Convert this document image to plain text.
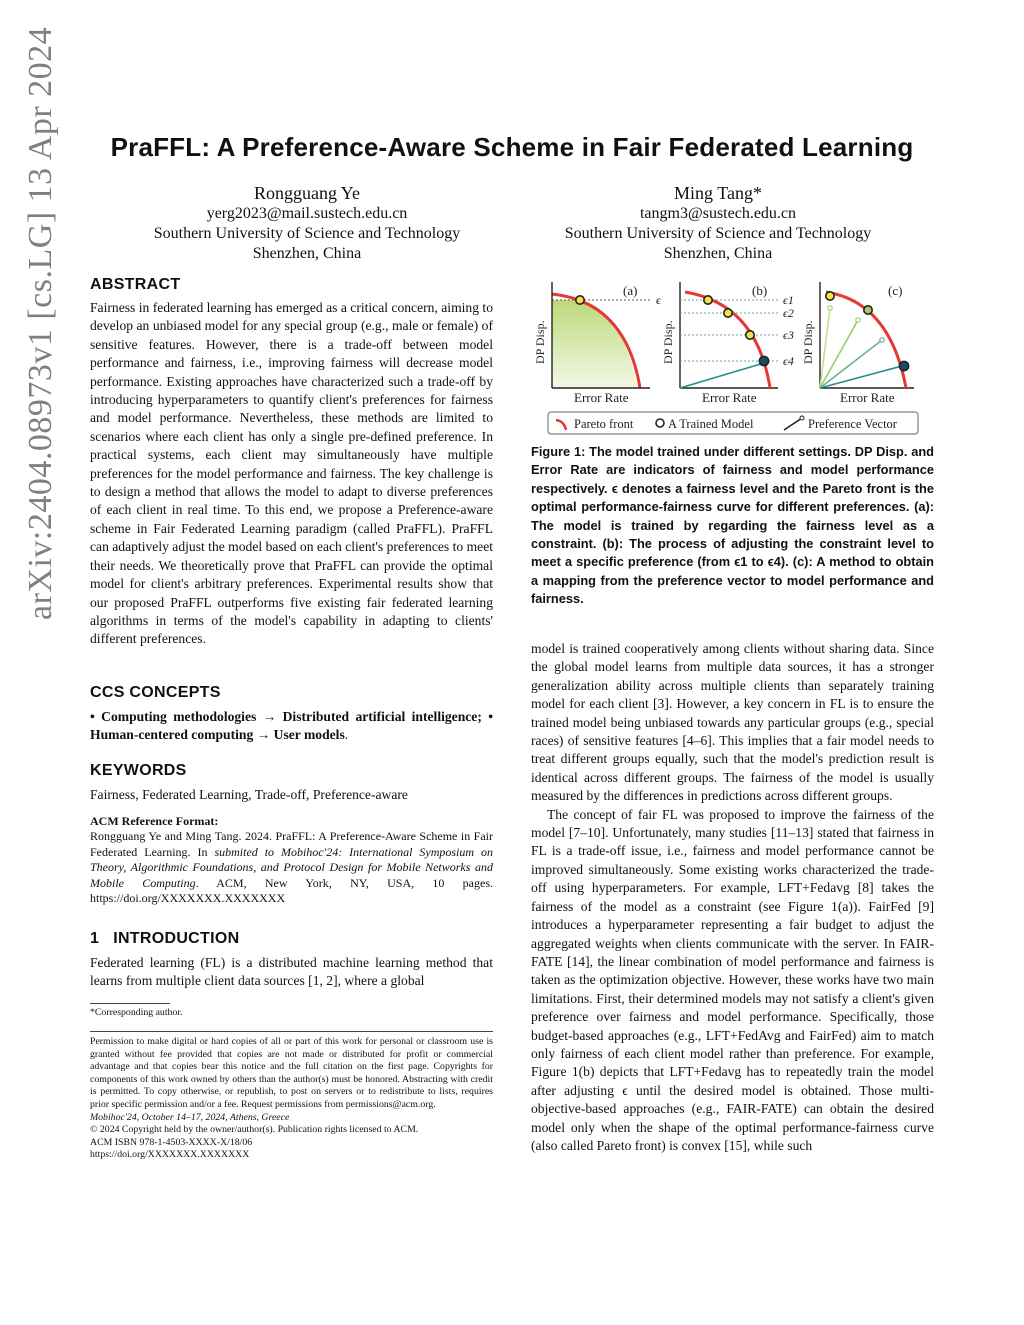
arXiv:2404.08973v1 [cs.LG] 13 Apr 2024	PraFFL: A Preference-Aware Scheme in Fair Federated Learning
Rongguang Ye
yerg2023@mail.sustech.edu.cn
Southern University of Science and Technology
Shenzhen, China
Ming Tang*
tangm3@sustech.edu.cn
Southern University of Science and Technology
Shenzhen, China
ABSTRACT
Fairness in federated learning has emerged as a critical concern, aiming to develop an unbiased model for any special group (e.g., male or female) of sensitive features. However, there is a trade-off between model performance and fairness, i.e., improving fairness will decrease model performance. Existing approaches have characterized such a trade-off by introducing hyperparameters to quantify client's preferences for fairness and model performance. Nevertheless, these methods are limited to scenarios where each client has only a single pre-defined preference. In practical systems, each client may simultaneously have multiple preferences for the model performance and fairness. The key challenge is to design a method that allows the model to adapt to diverse preferences of each client in real time. To this end, we propose a Preference-aware scheme in Fair Federated Learning paradigm (called PraFFL). PraFFL can adaptively adjust the model based on each client's preferences to meet their needs. We theoretically prove that PraFFL can provide the optimal model for client's arbitrary preferences. Experimental results show that our proposed PraFFL outperforms five existing fair federated learning algorithms in terms of the model's capability in adapting to clients' different preferences.
CCS CONCEPTS
• Computing methodologies → Distributed artificial intelligence; • Human-centered computing → User models.
KEYWORDS
Fairness, Federated Learning, Trade-off, Preference-aware
ACM Reference Format:
Rongguang Ye and Ming Tang. 2024. PraFFL: A Preference-Aware Scheme in Fair Federated Learning. In submited to Mobihoc'24: International Symposium on Theory, Algorithmic Foundations, and Protocol Design for Mobile Networks and Mobile Computing. ACM, New York, NY, USA, 10 pages. https://doi.org/XXXXXXX.XXXXXXX
1 INTRODUCTION
Federated learning (FL) is a distributed machine learning method that learns from multiple client data sources [1, 2], where a global
*Corresponding author.
Permission to make digital or hard copies of all or part of this work for personal or classroom use is granted without fee provided that copies are not made or distributed for profit or commercial advantage and that copies bear this notice and the full citation on the first page. Copyrights for components of this work owned by others than the author(s) must be honored. Abstracting with credit is permitted. To copy otherwise, or republish, to post on servers or to redistribute to lists, requires prior specific permission and/or a fee. Request permissions from permissions@acm.org.
Mobihoc'24, October 14–17, 2024, Athens, Greece
© 2024 Copyright held by the owner/author(s). Publication rights licensed to ACM.
ACM ISBN 978-1-4503-XXXX-X/18/06
https://doi.org/XXXXXXX.XXXXXXX
(a)
ϵ
DP Disp.
Error Rate
(b)
ϵ1
ϵ2
ϵ3
ϵ4
DP Disp.
Error Rate
(c)
DP Disp.
Error Rate
Pareto front	A Trained Model	Preference Vector
Figure 1: The model trained under different settings. DP Disp. and Error Rate are indicators of fairness and model performance respectively. ϵ denotes a fairness level and the Pareto front is the optimal performance-fairness curve for different preferences. (a): The model is trained by regarding the fairness level as a constraint. (b): The process of adjusting the constraint level to meet a specific preference (from ϵ1 to ϵ4). (c): A method to obtain a mapping from the preference vector to model performance and fairness.

model is trained cooperatively among clients without sharing data. Since the global model learns from multiple data sources, it has a stronger generalization ability across multiple clients than separately training model for each client [3]. However, a key concern in FL is to ensure the trained model being unbiased towards any particular groups (e.g., special races) of sensitive features [4–6]. This implies that a fair model needs to treat different groups equally, such that the model's prediction result is identical across different groups. The fairness of the model is usually measured by the differences in predictions across different groups.

The concept of fair FL was proposed to improve the fairness of the model [7–10]. Unfortunately, many studies [11–13] stated that fairness in FL is a trade-off issue, i.e., fairness and model performance cannot be improved simultaneously. Some existing works characterized the trade-off using hyperparameters. For example, LFT+Fedavg [8] takes the fairness of the model as a constraint (see Figure 1(a)). FairFed [9] introduces a hyperparameter representing a fair budget to adjust the aggregated weights when clients communicate with the server. In FAIR-FATE [14], the linear combination of model performance and fairness is taken as the optimization objective. However, these works have two main limitations. First, their determined models may not satisfy a client's given preference over fairness and model performance. Specifically, those budget-based approaches (e.g., LFT+FedAvg and FairFed) aim to match only fairness of each client model rather than preference. For example, Figure 1(b) depicts that LFT+Fedavg has to repeatedly train the model after adjusting ϵ until the desired model is obtained. Those multi-objective-based approaches (e.g., FAIR-FATE) can obtain the desired model only when the shape of the optimal performance-fairness curve (also called Pareto front) is convex [15], while such
